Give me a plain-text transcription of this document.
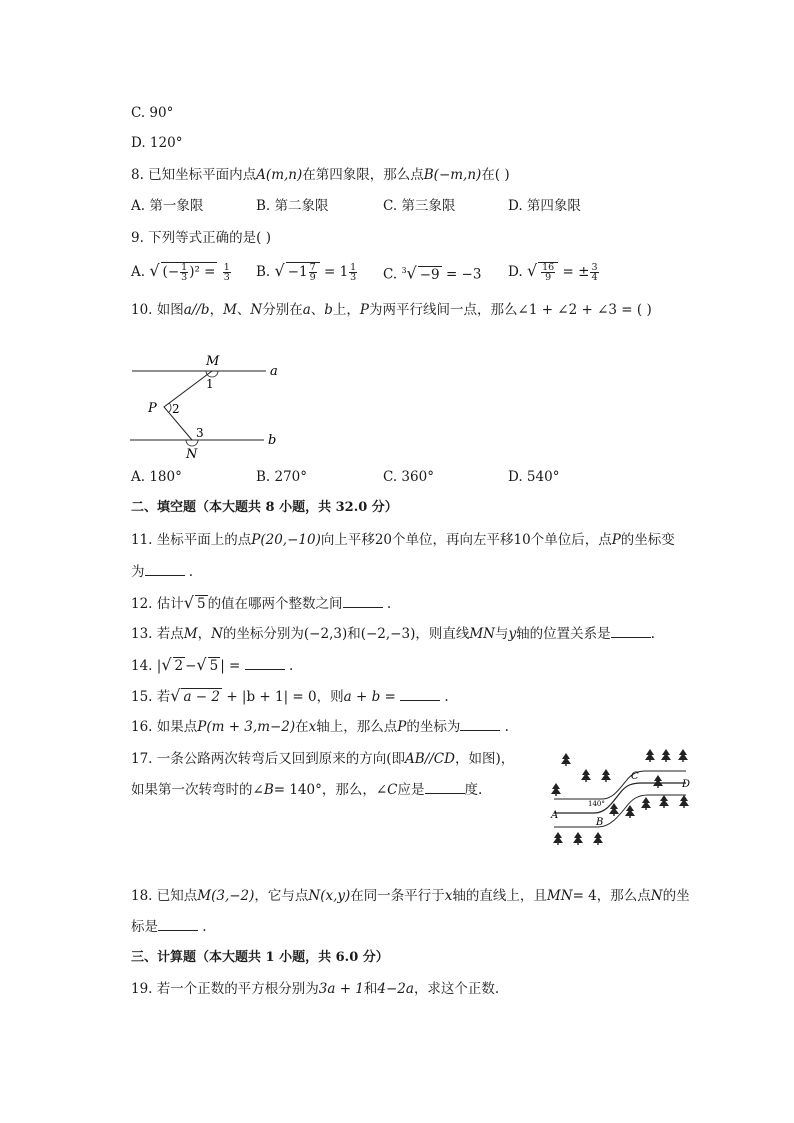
C. 90°
D. 120°
8. 已知坐标平面内点A(m,n)在第四象限，那么点B(−m,n)在( )
A. 第一象限	B. 第二象限	C. 第三象限	D. 第四象限
9. 下列等式正确的是( )
A. √ (− $\frac{1}{3} )^2 = \frac{1}{3} B$. √ $-1 \frac{7}{9} = 1 \frac{1}{3} C$. $^3$√ −9 = −3 D. √ $\frac{16}{9}$ = ± $\frac{3}{4}$
10. 如图a//b，M、N分别在a、b上，P为两平行线间一点，那么∠1 + ∠2 + ∠3 = ( )
M
N
P
a
b
1
2
3
A. 180°	B. 270°	C. 360°	D. 540°
二、填空题（本大题共 8 小题，共 32.0 分）
11. 坐标平面上的点P(20,−10)向上平移20个单位，再向左平移10个单位后，点P的坐标变
为	.
12. 估计√ 5 的值在哪两个整数之间	.
13. 若点M，N的坐标分别为(−2,3)和(−2,−3)，则直线MN与y轴的位置关系是	.
14. |√ 2 −√ 5 | =	.
15. 若√ a − 2 + |b + 1| = 0，则a + b =	.
16. 如果点P(m + 3,m−2)在x轴上，那么点P的坐标为	.
17. 一条公路两次转弯后又回到原来的方向(即AB//CD，如图)，
如果第一次转弯时的∠B= 140°，那么，∠C应是	度.
A
B
C
D
140°
18. 已知点M(3,−2)，它与点N(x,y)在同一条平行于x轴的直线上，且MN= 4，那么点N的坐
标是	.
三、计算题（本大题共 1 小题，共 6.0 分）
19. 若一个正数的平方根分别为3a + 1和4−2a，求这个正数.
